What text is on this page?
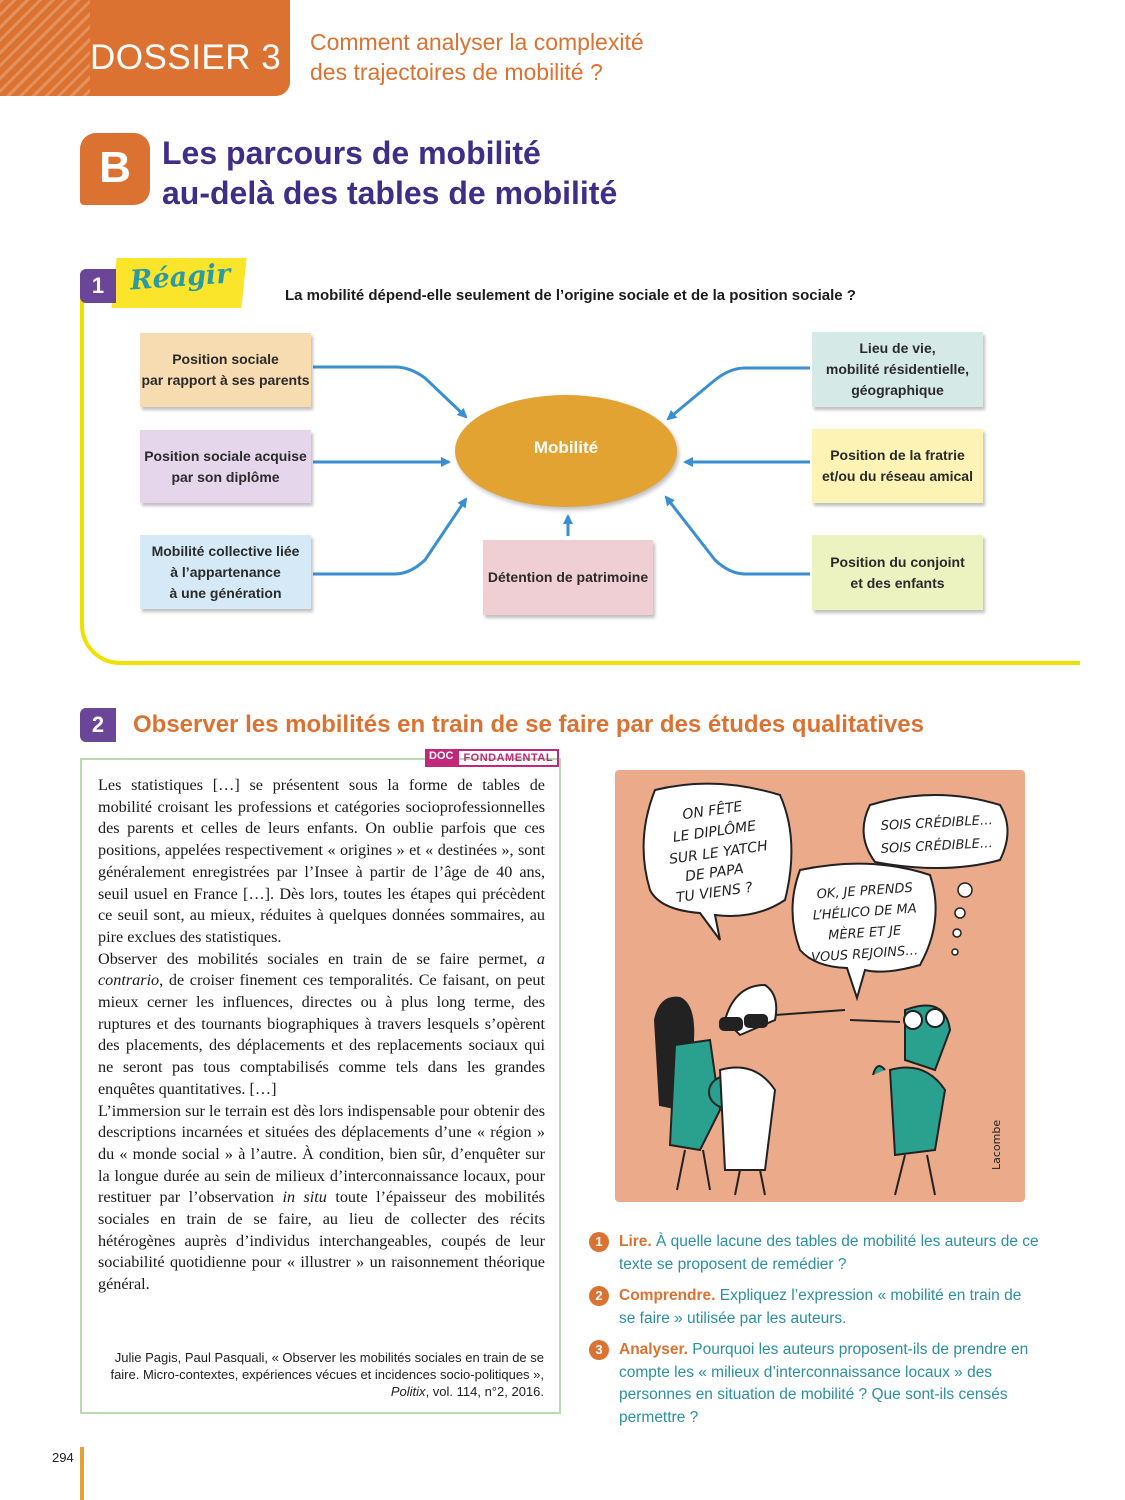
DOSSIER 3 Comment analyser la complexité
des trajectoires de mobilité ?
B Les parcours de mobilité
au-delà des tables de mobilité
1 Réagir	La mobilité dépend-elle seulement de l’origine sociale et de la position sociale ?
Position sociale
par rapport à ses parents
Position sociale acquise
par son diplôme
Mobilité collective liée
à l’appartenance
à une génération
Détention de patrimoine
Lieu de vie,
mobilité résidentielle,
géographique
Position de la fratrie
et/ou du réseau amical
Position du conjoint
et des enfants
Mobilité
2	Observer les mobilités en train de se faire par des études qualitatives
DOC FONDAMENTAL

Les statistiques […] se présentent sous la forme de tables de mobilité croisant les professions et catégories socioprofessionnelles des parents et celles de leurs enfants. On oublie parfois que ces positions, appelées respectivement « origines » et « destinées », sont généralement enregistrées par l’Insee à partir de l’âge de 40 ans, seuil usuel en France […]. Dès lors, toutes les étapes qui précèdent ce seuil sont, au mieux, réduites à quelques données sommaires, au pire exclues des statistiques.

Observer des mobilités sociales en train de se faire permet, a contrario, de croiser finement ces temporalités. Ce faisant, on peut mieux cerner les influences, directes ou à plus long terme, des ruptures et des tournants biographiques à travers lesquels s’opèrent des placements, des déplacements et des replacements sociaux qui ne seront pas tous comptabilisés comme tels dans les grandes enquêtes quantitatives. […]

L’immersion sur le terrain est dès lors indispensable pour obtenir des descriptions incarnées et situées des déplacements d’une « région » du « monde social » à l’autre. À condition, bien sûr, d’enquêter sur la longue durée au sein de milieux d’interconnaissance locaux, pour restituer par l’observation in situ toute l’épaisseur des mobilités sociales en train de se faire, au lieu de collecter des récits hétérogènes auprès d’individus interchangeables, coupés de leur sociabilité quotidienne pour « illustrer » un raisonnement théorique général.

Julie Pagis, Paul Pasquali, « Observer les mobilités sociales en train de se faire. Micro-contextes, expériences vécues et incidences socio-politiques », Politix, vol. 114, n°2, 2016.
ON FÊTE
LE DIPLÔME
SUR LE YATCH
DE PAPA
TU VIENS ?
SOIS CRÉDIBLE…
SOIS CRÉDIBLE…
OK, JE PRENDS
L’HÉLICO DE MA
MÈRE ET JE
VOUS REJOINS…
Lacombe
1	Lire. À quelle lacune des tables de mobilité les auteurs de ce texte se proposent de remédier ?
2	Comprendre. Expliquez l’expression « mobilité en train de se faire » utilisée par les auteurs.
3	Analyser. Pourquoi les auteurs proposent-ils de prendre en compte les « milieux d’interconnaissance locaux » des personnes en situation de mobilité ? Que sont-ils censés permettre ?
294
